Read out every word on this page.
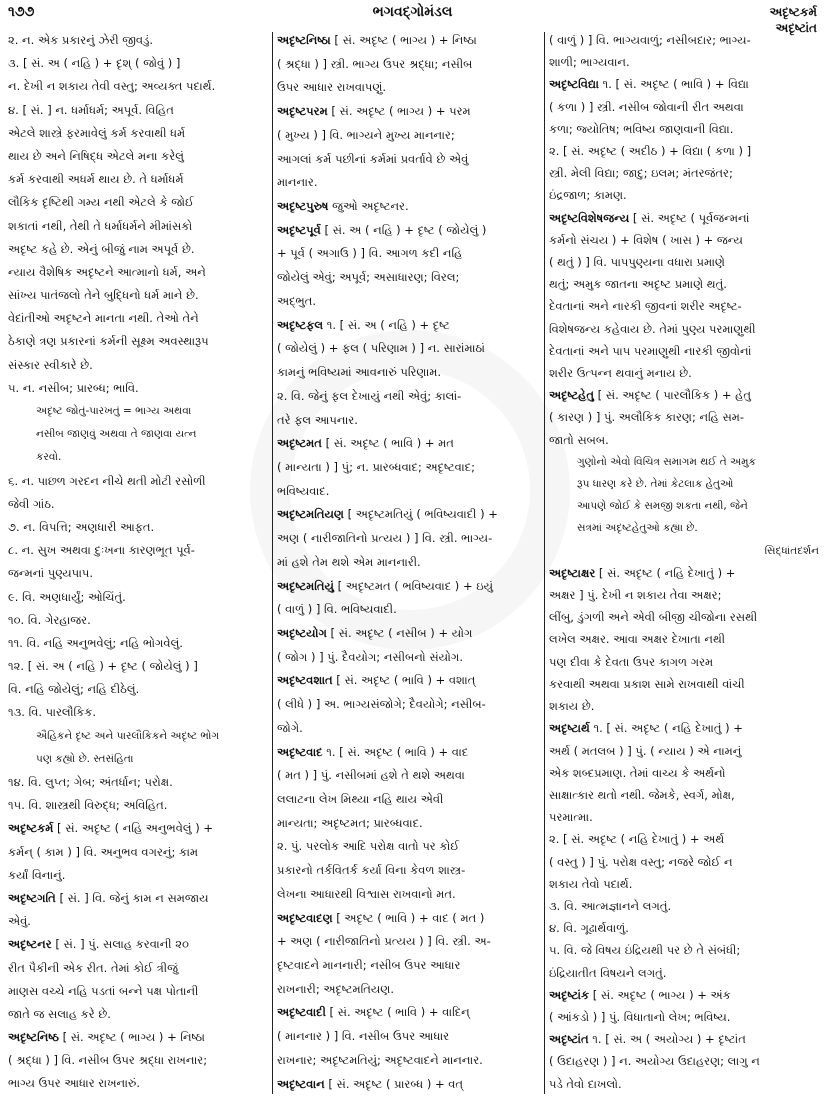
૧૭૭	ભગવદ્ગોમંડલ	અદૃષ્ટકર્મ
અદૃષ્ટાંત
૨. ન. એક પ્રકારનું ઝેરી જીવડું.
૩. [ સં. અ ( નહિ ) + દૃશ્ ( જોવું ) ]
ન. દેખી ન શકાય તેવી વસ્તુ; અવ્યક્ત પદાર્થ.
૪. [ સં. ] ન. ધર્માધર્મ; અપૂર્વ. વિહિત
એટલે શાસ્ત્રે ફરમાવેલું કર્મ કરવાથી ધર્મ
થાય છે અને નિષિદ્ધ એટલે મના કરેલું
કર્મ કરવાથી અધર્મ થાય છે. તે ધર્માધર્મ
લૌકિક દૃષ્ટિથી ગમ્ય નથી એટલે કે જોઈ
શકાતાં નથી, તેથી તે ધર્માધર્મને મીમાંસકો
અદૃષ્ટ કહે છે. એનું બીજું નામ અપૂર્વ છે.
ન્યાય વૈશેષિક અદૃષ્ટને આત્માનો ધર્મ, અને
સાંખ્ય પાતંજલો તેને બુદ્ધિનો ધર્મ માને છે.
વેદાંતીઓ અદૃષ્ટને માનતા નથી. તેઓ તેને
ઠેકાણે ત્રણ પ્રકારનાં કર્મની સૂક્ષ્મ અવસ્થારૂપ
સંસ્કાર સ્વીકારે છે.
૫. ન. નસીબ; પ્રારબ્ધ; ભાવિ.
અદૃષ્ટ જોતું-પારખતું = ભાગ્ય અથવા
નસીબ જાણવું અથવા તે જાણવા યત્ન
કરવો.
૬. ન. પાછળ ગરદન નીચે થતી મોટી રસોળી
જેવી ગાંઠ.
૭. ન. વિપત્તિ; અણધારી આફત.
૮. ન. સુખ અથવા દુઃખના કારણભૂત પૂર્વ-
જન્મનાં પુણ્યપાપ.
૯. વિ. અણધાર્યું; ઓચિંતું.
૧૦. વિ. ગેરહાજર.
૧૧. વિ. નહિ અનુભવેલું; નહિ ભોગવેલું.
૧૨. [ સં. અ ( નહિ ) + દૃષ્ટ ( જોયેલું ) ]
વિ. નહિ જોયેલું; નહિ દીઠેલું.
૧૩. વિ. પારલૌકિક.
ઐહિકને દૃષ્ટ અને પારલૌકિકને અદૃષ્ટ ભોગ
પણ કહ્યો છે. સ્તસંહિતા
૧૪. વિ. લુપ્ત; ગેબ; અંતર્ધાન; પરોક્ષ.
૧૫. વિ. શાસ્ત્રથી વિરુદ્ધ; અવિહિત.
અદૃષ્ટકર્મ [ સં. અદૃષ્ટ ( નહિ અનુભવેલું ) +
કર્મન્ ( કામ ) ] વિ. અનુભવ વગરનું; કામ
કર્યાં વિનાનું.
અદૃષ્ટગતિ [ સં. ] વિ. જેનું કામ ન સમજાય
એવું.
અદૃષ્ટનર [ સં. ] પું. સલાહ કરવાની ૨૦
રીત પૈકીની એક રીત. તેમાં કોઈ ત્રીજું
માણસ વચ્ચે નહિ પડતાં બન્ને પક્ષ પોતાની
જાતે જ સલાહ કરે છે.
અદૃષ્ટનિષ્ઠ [ સં. અદૃષ્ટ ( ભાગ્ય ) + નિષ્ઠા
( શ્રદ્ધા ) ] વિ. નસીબ ઉપર શ્રદ્ધા રાખનાર;
ભાગ્ય ઉપર આધાર રાખનારું.
અદૃષ્ટનિષ્ઠા [ સં. અદૃષ્ટ ( ભાગ્ય ) + નિષ્ઠા
( શ્રદ્ધા ) ] સ્ત્રી. ભાગ્ય ઉપર શ્રદ્ધા; નસીબ
ઉપર આધાર રાખવાપણું.
અદૃષ્ટપરમ [ સં. અદૃષ્ટ ( ભાગ્ય ) + પરમ
( મુખ્ય ) ] વિ. ભાગ્યને મુખ્ય માનનાર;
આગલાં કર્મ પછીનાં કર્મમાં પ્રવર્તાવે છે એવું
માનનાર.
અદૃષ્ટપુરુષ જુઓ અદૃષ્ટનર.
અદૃષ્ટપૂર્વ [ સં. અ ( નહિ ) + દૃષ્ટ ( જોયેલું )
+ પૂર્વ ( અગાઉ ) ] વિ. આગળ કદી નહિ
જોયેલું એવું; અપૂર્વ; અસાધારણ; વિરલ;
અદ્ભુત.
અદૃષ્ટફલ ૧. [ સં. અ ( નહિ ) + દૃષ્ટ
( જોયેલું ) + ફલ ( પરિણામ ) ] ન. સારાંમાઠાં
કામનું ભવિષ્યમાં આવનારું પરિણામ.
૨. વિ. જેનું ફલ દેખાયું નથી એવું; કાલાં-
તરે ફલ આપનાર.
અદૃષ્ટમત [ સં. અદૃષ્ટ ( ભાવિ ) + મત
( માન્યતા ) ] પું; ન. પ્રારબ્ધવાદ; અદૃષ્ટવાદ;
ભવિષ્યવાદ.
અદૃષ્ટમતિયણ [ અદૃષ્ટમતિયું ( ભવિષ્યવાદી ) +
અણ ( નારીજાતિનો પ્રત્યય ) ] વિ. સ્ત્રી. ભાગ્ય-
માં હશે તેમ થશે એમ માનનારી.
અદૃષ્ટમતિયું [ અદૃષ્ટમત ( ભવિષ્યવાદ ) + ઇયું
( વાળું ) ] વિ. ભવિષ્યવાદી.
અદૃષ્ટયોગ [ સં. અદૃષ્ટ ( નસીબ ) + યોગ
( જોગ ) ] પું. દૈવયોગ; નસીબનો સંયોગ.
અદૃષ્ટવશાત [ સં. અદૃષ્ટ ( ભાવિ ) + વશાત્
( લીધે ) ] અ. ભાગ્યસંજોગે; દૈવયોગે; નસીબ-
જોગે.
અદૃષ્ટવાદ ૧. [ સં. અદૃષ્ટ ( ભાવિ ) + વાદ
( મત ) ] પું. નસીબમાં હશે તે થશે અથવા
લલાટના લેખ મિથ્યા નહિ થાય એવી
માન્યતા; અદૃષ્ટમત; પ્રારબ્ધવાદ.
૨. પું. પરલોક આદિ પરોક્ષ વાતો પર કોઈ
પ્રકારનો તર્કવિતર્ક કર્યા વિના કેવળ શાસ્ત્ર-
લેખના આધારથી વિશ્વાસ રાખવાનો મત.
અદૃષ્ટવાદણ [ અદૃષ્ટ ( ભાવિ ) + વાદ ( મત )
+ અણ ( નારીજાતિનો પ્રત્યય ) ] વિ. સ્ત્રી. અ-
દૃષ્ટવાદને માનનારી; નસીબ ઉપર આધાર
રાખનારી; અદૃષ્ટમતિયણ.
અદૃષ્ટવાદી [ સં. અદૃષ્ટ ( ભાવિ ) + વાદિન્
( માનનાર ) ] વિ. નસીબ ઉપર આધાર
રાખનાર; અદૃષ્ટમતિયું; અદૃષ્ટવાદને માનનાર.
અદૃષ્ટવાન [ સં. અદૃષ્ટ ( પ્રારબ્ધ ) + વત્
( વાળું ) ] વિ. ભાગ્યવાળું; નસીબદાર; ભાગ્ય-
શાળી; ભાગ્યવાન.
અદૃષ્ટવિદ્યા ૧. [ સં. અદૃષ્ટ ( ભાવિ ) + વિદ્યા
( કળા ) ] સ્ત્રી. નસીબ જોવાની રીત અથવા
કળા; જ્યોતિષ; ભવિષ્ય જાણવાની વિદ્યા.
૨. [ સં. અદૃષ્ટ ( અદીઠ ) + વિદ્યા ( કળા ) ]
સ્ત્રી. મેલી વિદ્યા; જાદુ; ઇલમ; મંતરજંતર;
ઇંદ્રજાળ; કામણ.
અદૃષ્ટવિશેષજન્ય [ સં. અદૃષ્ટ ( પૂર્વજન્મનાં
કર્મનો સંચય ) + વિશેષ ( ખાસ ) + જન્ય
( થતું ) ] વિ. પાપપુણ્યના વધારા પ્રમાણે
થતું; અમુક જાતના અદૃષ્ટ પ્રમાણે થતું.
દેવતાનાં અને નારકી જીવનાં શરીર અદૃષ્ટ-
વિશેષજન્ય કહેવાય છે. તેમાં પુણ્ય પરમાણુથી
દેવતાનાં અને પાપ પરમાણુથી નારકી જીવોનાં
શરીર ઉત્પન્ન થવાનું મનાય છે.
અદૃષ્ટહેતુ [ સં. અદૃષ્ટ ( પારલૌકિક ) + હેતુ
( કારણ ) ] પું. અલૌકિક કારણ; નહિ સમ-
જાતો સબબ.
ગુણોનો એવો વિચિત્ર સમાગમ થઈ તે અમુક
રૂપ ધારણ કરે છે. તેમાં કેટલાક હેતુઓ
આપણે જોઈ કે સમજી શકતા નથી, જેને
સત્રમાં અદૃષ્ટહેતુઓ કહ્યા છે.
સિદ્ધાંતદર્શન
અદૃષ્ટાક્ષર [ સં. અદૃષ્ટ ( નહિ દેખાતું ) +
અક્ષર ] પું. દેખી ન શકાય તેવા અક્ષર;
લીંબુ, ડુંગળી અને એવી બીજી ચીજોના રસથી
લખેલ અક્ષર. આવા અક્ષર દેખાતા નથી
પણ દીવા કે દેવતા ઉપર કાગળ ગરમ
કરવાથી અથવા પ્રકાશ સામે રાખવાથી વાંચી
શકાય છે.
અદૃષ્ટાર્થ ૧. [ સં. અદૃષ્ટ ( નહિ દેખાતું ) +
અર્થ ( મતલબ ) ] પું. ( ન્યાય ) એ નામનું
એક શબ્દપ્રમાણ. તેમાં વાચ્ય કે અર્થનો
સાક્ષાત્કાર થતો નથી. જેમકે, સ્વર્ગ, મોક્ષ,
પરમાત્મા.
૨. [ સં. અદૃષ્ટ ( નહિ દેખાતું ) + અર્થ
( વસ્તુ ) ] પું. પરોક્ષ વસ્તુ; નજરે જોઈ ન
શકાય તેવો પદાર્થ.
૩. વિ. આત્મજ્ઞાનને લગતું.
૪. વિ. ગૂઢાર્થવાળું.
૫. વિ. જે વિષય ઇંદ્રિયથી પર છે તે સંબંધી;
ઇંદ્રિયાતીત વિષયને લગતું.
અદૃષ્ટાંક [ સં. અદૃષ્ટ ( ભાગ્ય ) + અંક
( આંકડો ) ] પું. વિધાતાનો લેખ; ભવિષ્ય.
અદૃષ્ટાંત ૧. [ સં. અ ( અયોગ્ય ) + દૃષ્ટાંત
( ઉદાહરણ ) ] ન. અયોગ્ય ઉદાહરણ; લાગુ ન
પડે તેવો દાખલો.
